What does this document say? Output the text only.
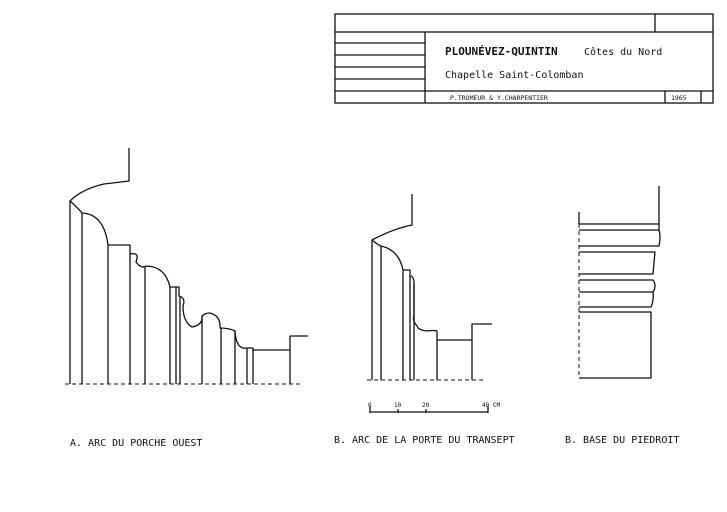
PLOUNÉVEZ-QUINTIN	Côtes du Nord
Chapelle Saint-Colomban
P.TROMEUR & Y.CHARPENTIER	1965
0	10	20	40 CM
A. ARC DU PORCHE OUEST	B. ARC DE LA PORTE DU TRANSEPT	B. BASE DU PIEDROIT
